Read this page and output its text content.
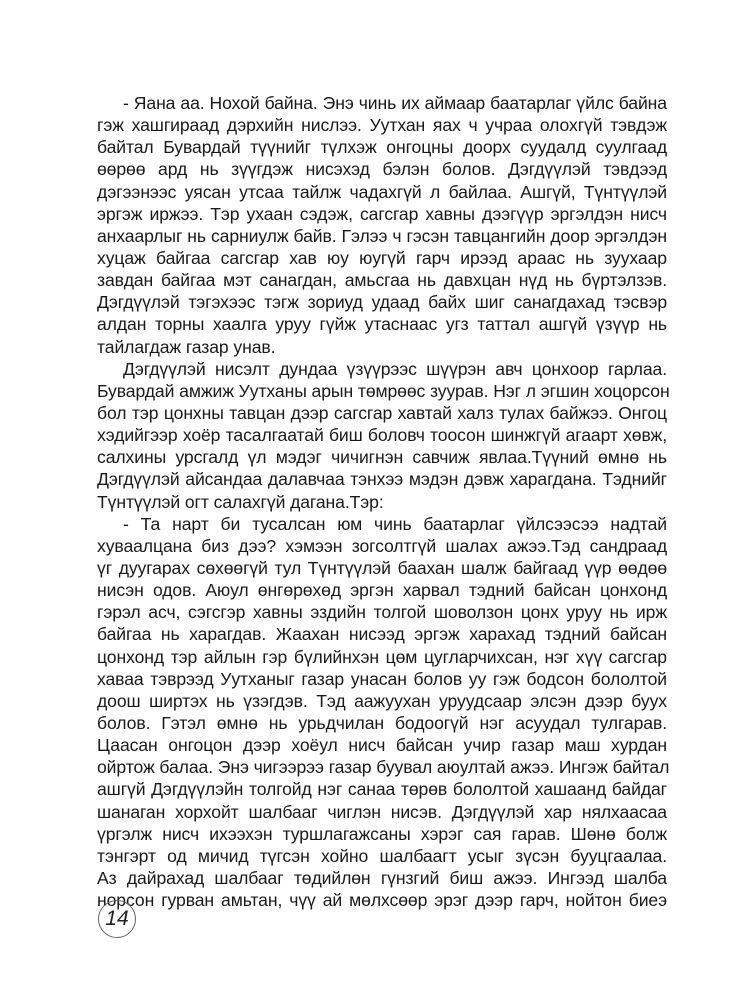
- Яана аа. Нохой байна. Энэ чинь их аймаар баатарлаг үйлс байна
гэж хашгираад дэрхийн ниcлээ. Уутхан яах ч учраа олохгүй тэвдэж
байтал Бувардай түүнийг түлхэж онгоцны доорх суудалд суулгаад
өөрөө ард нь зүүгдэж нисэхэд бэлэн болов. Дэгдүүлэй тэвдээд
дэгээнээс уясан утсаа тайлж чадахгүй л байлаа. Ашгүй, Түнтүүлэй
эргэж иржээ. Тэр ухаан сэдэж, сагсгар хавны дээгүүр эргэлдэн нисч
анхаарлыг нь сарниулж байв. Гэлээ ч гэсэн тавцангийн доор эргэлдэн
хуцаж байгаа сагсгар хав юу юугүй гарч ирээд араас нь зуухаар
завдан байгаа мэт санагдан, амьсгаа нь давхцан нүд нь бүртэлзэв.
Дэгдүүлэй тэгэхээс тэгж зориуд удаад байх шиг санагдахад тэсвэр
алдан торны хаалга уруу гүйж утаснаас угз таттал ашгүй үзүүр нь
тайлагдаж газар унав.
Дэгдүүлэй нисэлт дундаа үзүүрээс шүүрэн авч цонхоор гарлаа.
Бувардай амжиж Уутханы арын төмрөөс зуурав. Нэг л эгшин хоцорсон
бол тэр цонхны тавцан дээр сагсгар хавтай халз тулах байжээ. Онгоц
хэдийгээр хоёр тасалгаатай биш боловч тоосон шинжгүй агаарт хөвж,
салхины урсгалд үл мэдэг чичигнэн савчиж явлаа.Түүний өмнө нь
Дэгдүүлэй айсандаа далавчаа тэнхээ мэдэн дэвж харагдана. Тэднийг
Түнтүүлэй огт салахгүй дагана.Тэр:
- Та нарт би тусалсан юм чинь баатарлаг үйлсээсээ надтай
хуваалцана биз дээ? хэмээн зогсолтгүй шалах ажээ.Тэд сандраад
үг дуугарах сөхөөгүй тул Түнтүүлэй баахан шалж байгаад үүр өөдөө
нисэн одов. Аюул өнгөрөхөд эргэн харвал тэдний байсан цонхонд
гэрэл асч, сэгсгэр хавны эздийн толгой шоволзон цонх уруу нь ирж
байгаа нь харагдав. Жаахан нисээд эргэж харахад тэдний байсан
цонхонд тэр айлын гэр бүлийнхэн цөм цугларчихсан, нэг хүү сагсгар
хаваа тэврээд Уутханыг газар унасан болов уу гэж бодсон бололтой
доош ширтэх нь үзэгдэв. Тэд аажуухан уруудсаар элсэн дээр буух
болов. Гэтэл өмнө нь урьдчилан бодоогүй нэг асуудал тулгарав.
Цаасан онгоцон дээр хоёул нисч байсан учир газар маш хурдан
ойртож балаа. Энэ чигээрээ газар буувал аюултай ажээ. Ингэж байтал
ашгүй Дэгдүүлэйн толгойд нэг санаа төрөв бололтой хашаанд байдаг
шанаган хорхойт шалбааг чиглэн нисэв. Дэгдүүлэй хар нялхаасаа
үргэлж нисч ихээхэн туршлагажсаны хэрэг сая гарав. Шөнө болж
тэнгэрт од мичид түгсэн хойно шалбаагт усыг зүсэн бууцгаалаа.
Аз дайрахад шалбааг төдийлөн гүнзгий биш ажээ. Ингээд шалба
норсон гурван амьтан, чүү ай мөлхсөөр эрэг дээр гарч, нойтон биеэ
14
